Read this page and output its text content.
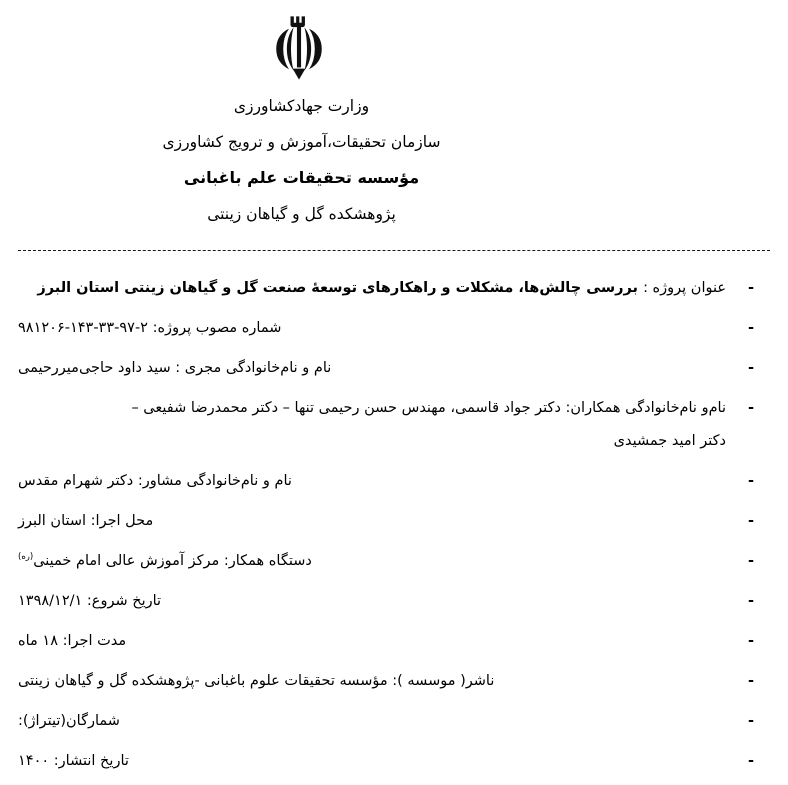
وزارت جهادکشاورزی
سازمان تحقیقات،آموزش و ترویج کشاورزی
مؤسسه تحقیقات علم باغبانی
پژوهشکده گل و گیاهان زینتی
-
عنوان پروژه : بررسی چالش‌ها، مشکلات و راهکارهای توسعۀ صنعت گل و گیاهان زینتی استان البرز
-
شماره مصوب پروژه: ۹۸۱۲۰۶-۱۴۳-۳۳-۹۷-۲
-
نام و نام‌خانوادگی مجری : سید داود حاجی‌میررحیمی
-
نام‌و نام‌خانوادگی همکاران: دکتر جواد قاسمی، مهندس حسن رحیمی تنها – دکتر محمدرضا شفیعی –
دکتر امید جمشیدی
-
نام و نام‌خانوادگی مشاور: دکتر شهرام مقدس
-
محل اجرا: استان البرز
-
دستگاه همکار: مرکز آموزش عالی امام خمینی$^{(ره)}$
-
تاریخ شروع: ۱۳۹۸/۱۲/۱
-
مدت اجرا: ۱۸ ماه
-
ناشر( موسسه ): مؤسسه تحقیقات علوم باغبانی -پژوهشکده گل و گیاهان زینتی
-
شمارگان(تیتراژ):
-
تاریخ انتشار: ۱۴۰۰
